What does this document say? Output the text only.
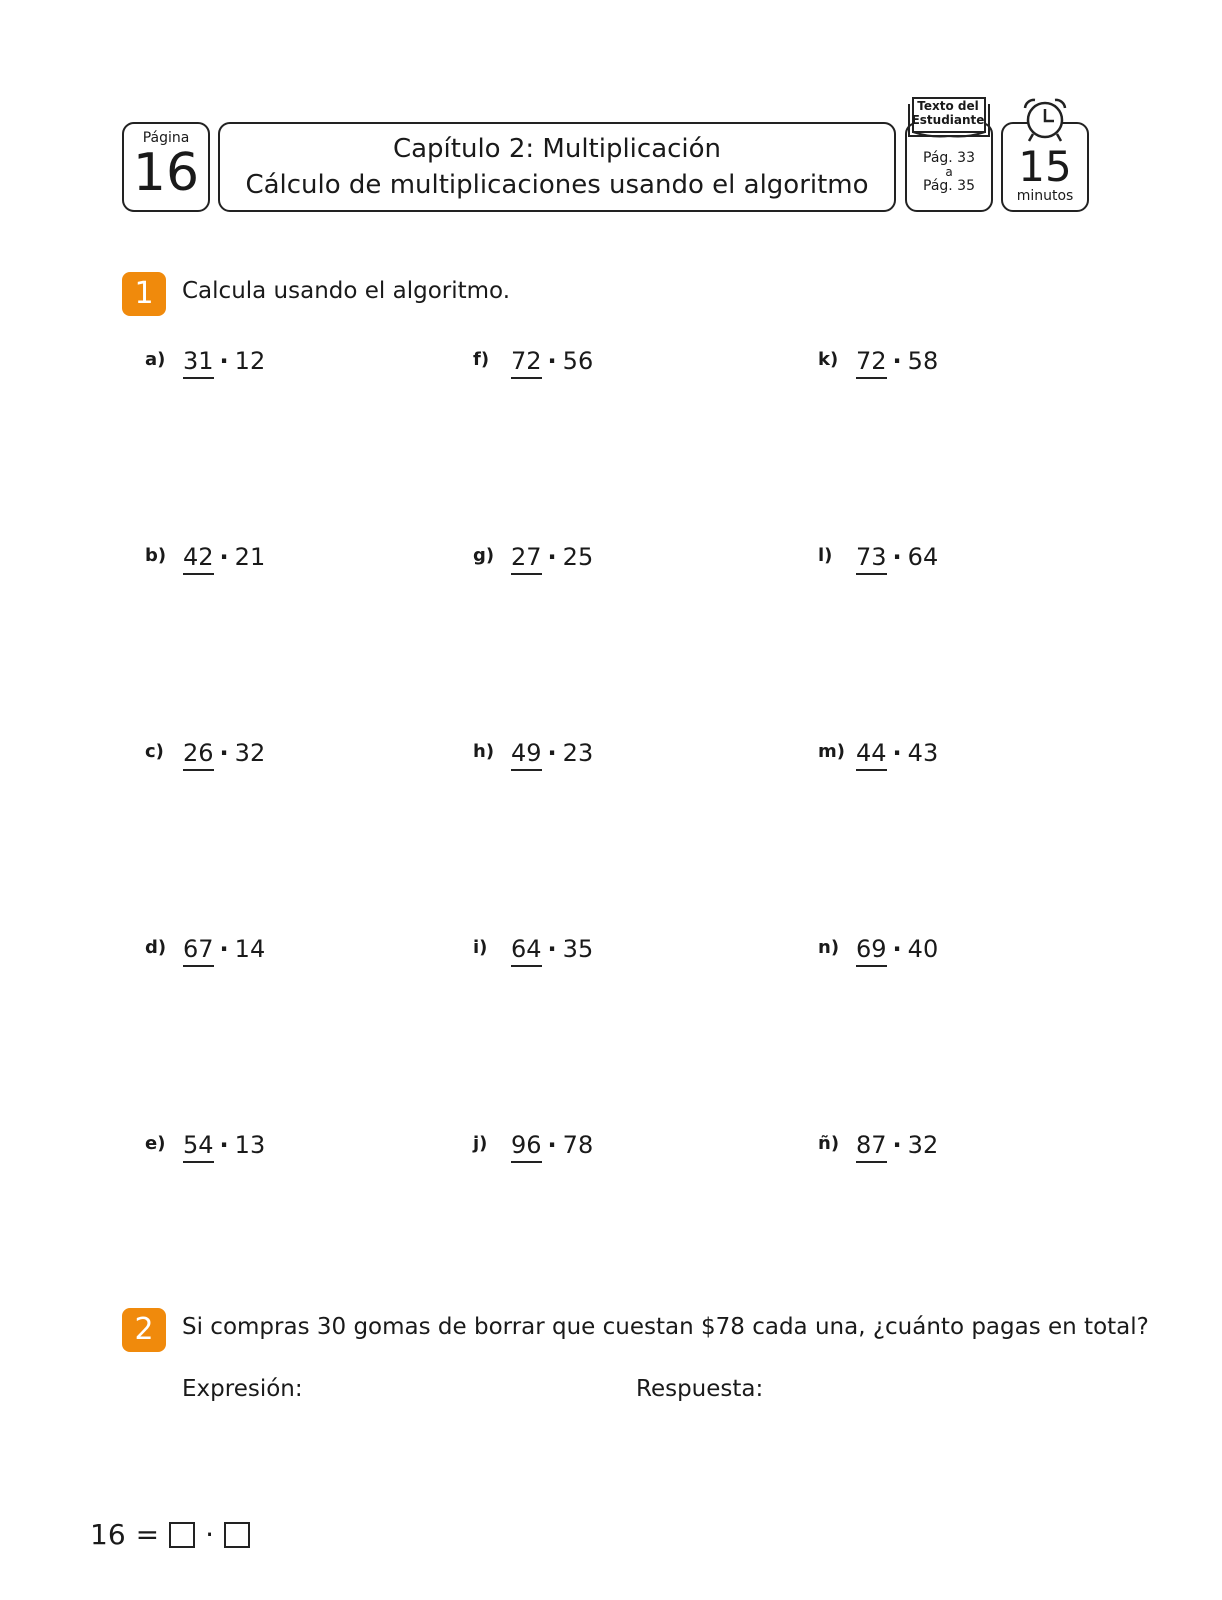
Página
16	Capítulo 2: Multiplicación
Cálculo de multiplicaciones usando el algoritmo
Pág. 33
a
Pág. 35
Texto del
Estudiante
15
minutos
1	Calcula usando el algoritmo.
a) 31 · 12
b) 42 · 21
c) 26 · 32
d) 67 · 14
e) 54 · 13
f) 72 · 56
g) 27 · 25
h) 49 · 23
i) 64 · 35
j) 96 · 78
k) 72 · 58
l) 73 · 64
m) 44 · 43
n) 69 · 40
ñ) 87 · 32
2	Si compras 30 gomas de borrar que cuestan $78 cada una, ¿cuánto pagas en total?
Expresión:	Respuesta:
16 = ·
